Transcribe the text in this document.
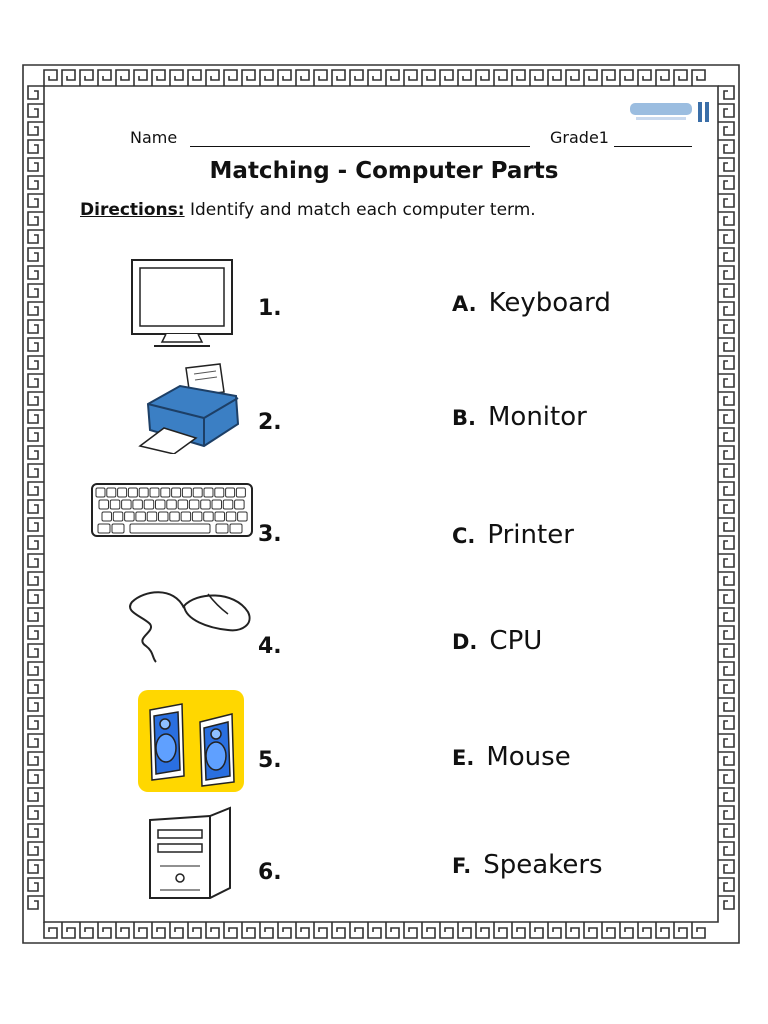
Name	Grade1
Matching - Computer Parts
Directions: Identify and match each computer term.
1.	A. Keyboard
2.	B. Monitor
3.	C. Printer
4.	D. CPU
5.	E. Mouse
6.	F. Speakers
